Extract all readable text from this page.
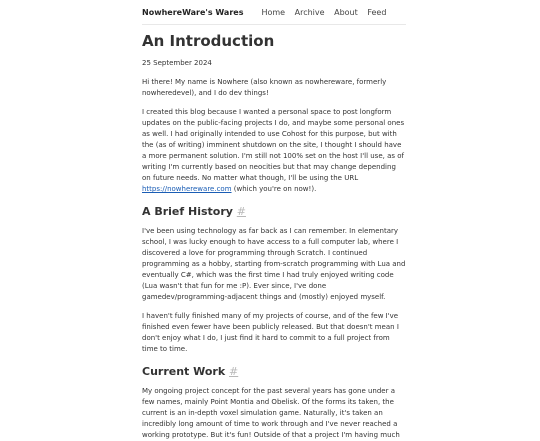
NowhereWare's Wares Home Archive About Feed
An Introduction

25 September 2024

Hi there! My name is Nowhere (also known as nowhereware, formerly nowheredevel), and I do dev things!

I created this blog because I wanted a personal space to post longform updates on the public-facing projects I do, and maybe some personal ones as well. I had originally intended to use Cohost for this purpose, but with the (as of writing) imminent shutdown on the site, I thought I should have a more permanent solution. I'm still not 100% set on the host I'll use, as of writing I'm currently based on neocities but that may change depending on future needs. No matter what though, I'll be using the URL https://nowhereware.com (which you're on now!).

A Brief History #

I've been using technology as far back as I can remember. In elementary school, I was lucky enough to have access to a full computer lab, where I discovered a love for programming through Scratch. I continued programming as a hobby, starting from-scratch programming with Lua and eventually C#, which was the first time I had truly enjoyed writing code (Lua wasn't that fun for me :P). Ever since, I've done gamedev/programming-adjacent things and (mostly) enjoyed myself.

I haven't fully finished many of my projects of course, and of the few I've finished even fewer have been publicly released. But that doesn't mean I don't enjoy what I do, I just find it hard to commit to a full project from time to time.

Current Work #

My ongoing project concept for the past several years has gone under a few names, mainly Point Montia and Obelisk. Of the forms its taken, the current is an in-depth voxel simulation game. Naturally, it's taken an incredibly long amount of time to work through and I've never reached a working prototype. But it's fun! Outside of that a project I'm having much
